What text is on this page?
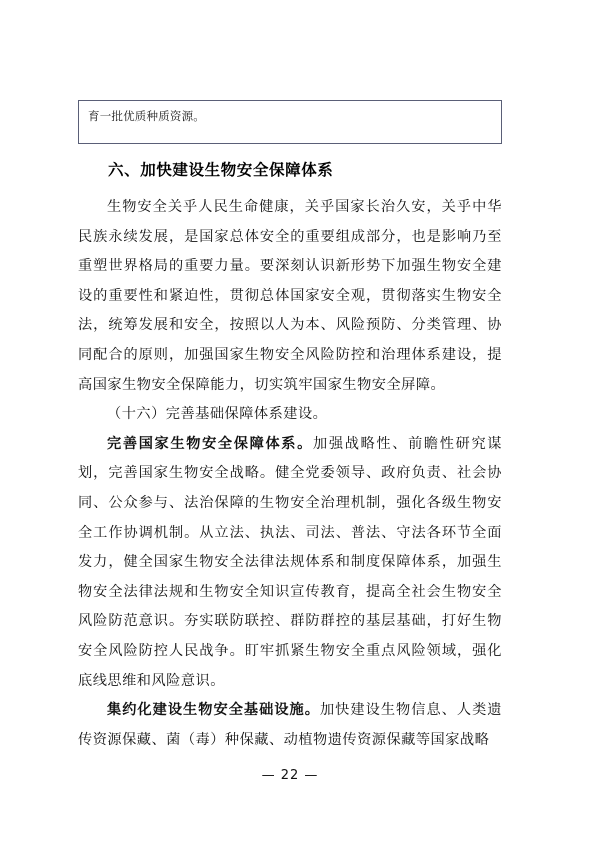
育一批优质种质资源。
六、加快建设生物安全保障体系

生物安全关乎人民生命健康，关乎国家长治久安，关乎中华民族永续发展，是国家总体安全的重要组成部分，也是影响乃至重塑世界格局的重要力量。要深刻认识新形势下加强生物安全建设的重要性和紧迫性，贯彻总体国家安全观，贯彻落实生物安全法，统筹发展和安全，按照以人为本、风险预防、分类管理、协同配合的原则，加强国家生物安全风险防控和治理体系建设，提高国家生物安全保障能力，切实筑牢国家生物安全屏障。

（十六）完善基础保障体系建设。

完善国家生物安全保障体系。加强战略性、前瞻性研究谋划，完善国家生物安全战略。健全党委领导、政府负责、社会协同、公众参与、法治保障的生物安全治理机制，强化各级生物安全工作协调机制。从立法、执法、司法、普法、守法各环节全面发力，健全国家生物安全法律法规体系和制度保障体系，加强生物安全法律法规和生物安全知识宣传教育，提高全社会生物安全风险防范意识。夯实联防联控、群防群控的基层基础，打好生物安全风险防控人民战争。盯牢抓紧生物安全重点风险领域，强化底线思维和风险意识。

集约化建设生物安全基础设施。加快建设生物信息、人类遗传资源保藏、菌（毒）种保藏、动植物遗传资源保藏等国家战略

— 22 —
